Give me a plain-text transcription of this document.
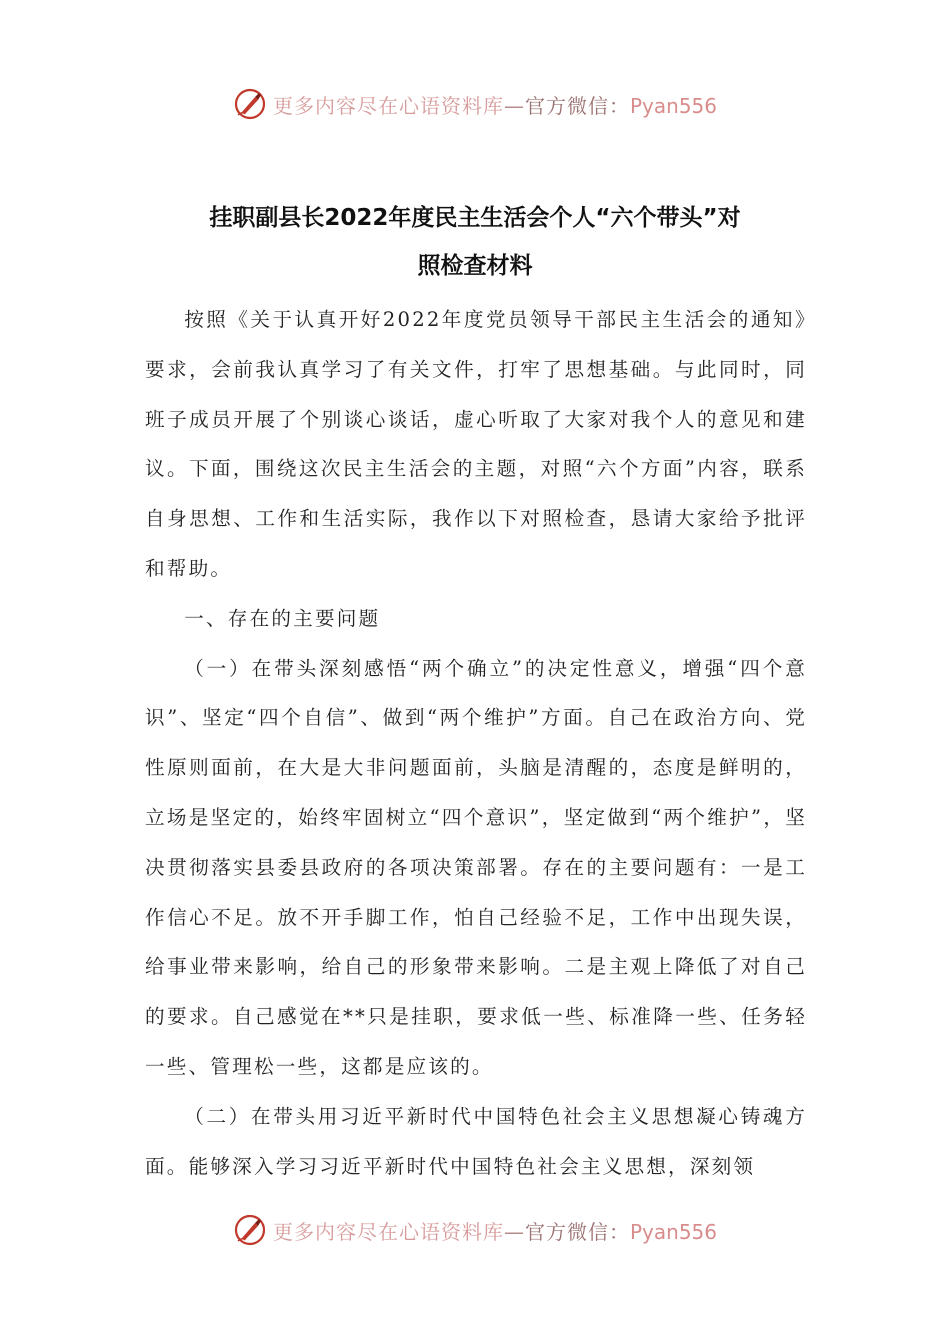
更多内容尽在心语资料库—官方微信：Pyan556
挂职副县长2022年度民主生活会个人“六个带头”对
照检查材料

按照《关于认真开好2022年度党员领导干部民主生活会的通知》要求，会前我认真学习了有关文件，打牢了思想基础。与此同时，同班子成员开展了个别谈心谈话，虚心听取了大家对我个人的意见和建议。下面，围绕这次民主生活会的主题，对照“六个方面”内容，联系自身思想、工作和生活实际，我作以下对照检查，恳请大家给予批评和帮助。

一、存在的主要问题

（一）在带头深刻感悟“两个确立”的决定性意义，增强“四个意识”、坚定“四个自信”、做到“两个维护”方面。自己在政治方向、党性原则面前，在大是大非问题面前，头脑是清醒的，态度是鲜明的，立场是坚定的，始终牢固树立“四个意识”，坚定做到“两个维护”，坚决贯彻落实县委县政府的各项决策部署。存在的主要问题有：一是工作信心不足。放不开手脚工作，怕自己经验不足，工作中出现失误，给事业带来影响，给自己的形象带来影响。二是主观上降低了对自己的要求。自己感觉在**只是挂职，要求低一些、标准降一些、任务轻一些、管理松一些，这都是应该的。

（二）在带头用习近平新时代中国特色社会主义思想凝心铸魂方面。能够深入学习习近平新时代中国特色社会主义思想，深刻领

更多内容尽在心语资料库—官方微信：Pyan556
